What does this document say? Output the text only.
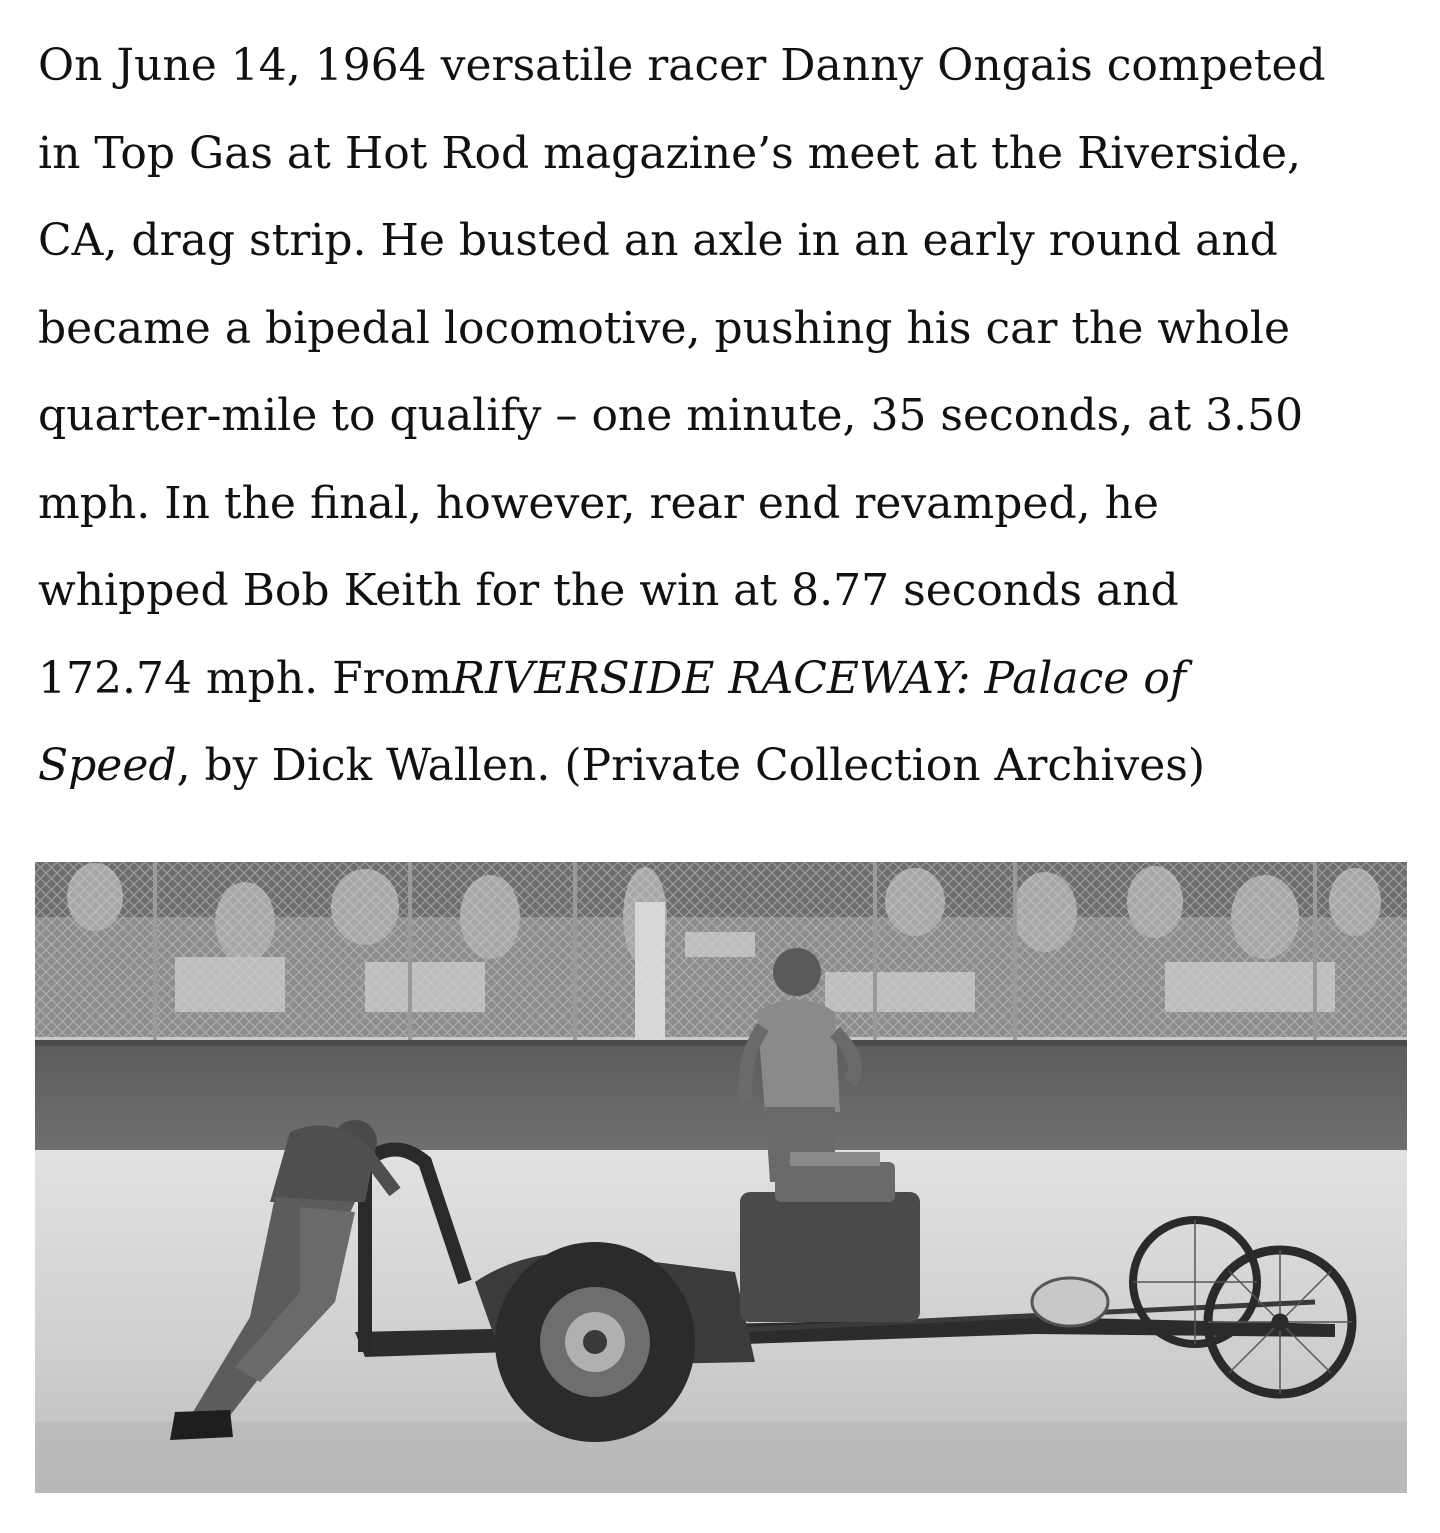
On June 14, 1964 versatile racer Danny Ongais competed
in Top Gas at Hot Rod magazine’s meet at the Riverside,
CA, drag strip. He busted an axle in an early round and
became a bipedal locomotive, pushing his car the whole
quarter-mile to qualify – one minute, 35 seconds, at 3.50
mph. In the final, however, rear end revamped, he
whipped Bob Keith for the win at 8.77 seconds and
172.74 mph. FromRIVERSIDE RACEWAY: Palace of
Speed, by Dick Wallen. (Private Collection Archives)
